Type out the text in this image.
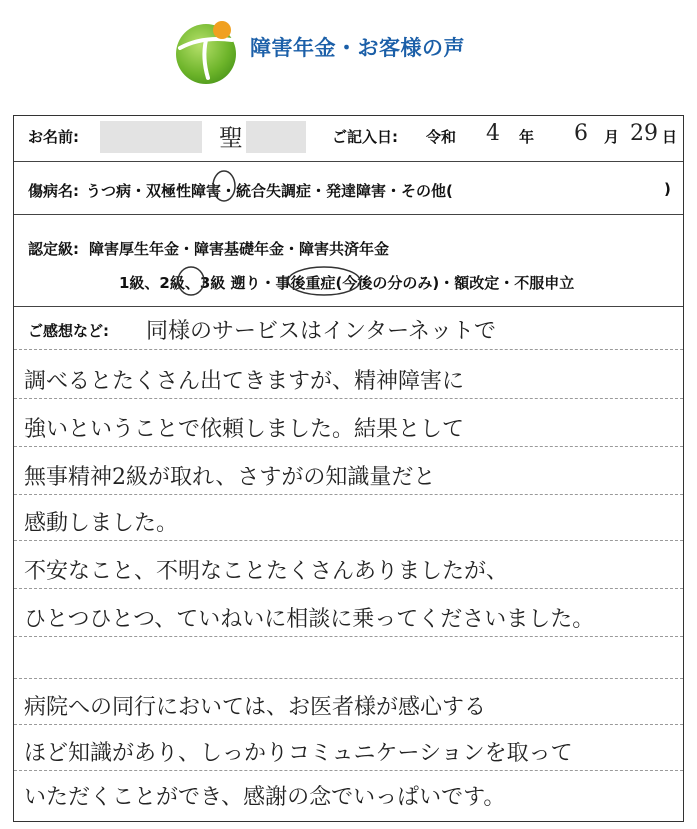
障害年金・お客様の声
お名前:	聖	ご記入日: 令和 4 年 6 月 29 日
傷病名: うつ病・双極性障害・統合失調症・発達障害・その他(	)
認定級: 障害厚生年金・障害基礎年金・障害共済年金
1級、2級、3級 遡り・事後重症(今後の分のみ)・額改定・不服申立
ご感想など: 同様のサービスはインターネットで
調べるとたくさん出てきますが、精神障害に
強いということで依頼しました。結果として
無事精神2級が取れ、さすがの知識量だと
感動しました。
不安なこと、不明なことたくさんありましたが、
ひとつひとつ、ていねいに相談に乗ってくださいました。
病院への同行においては、お医者様が感心する
ほど知識があり、しっかりコミュニケーションを取って
いただくことができ、感謝の念でいっぱいです。
